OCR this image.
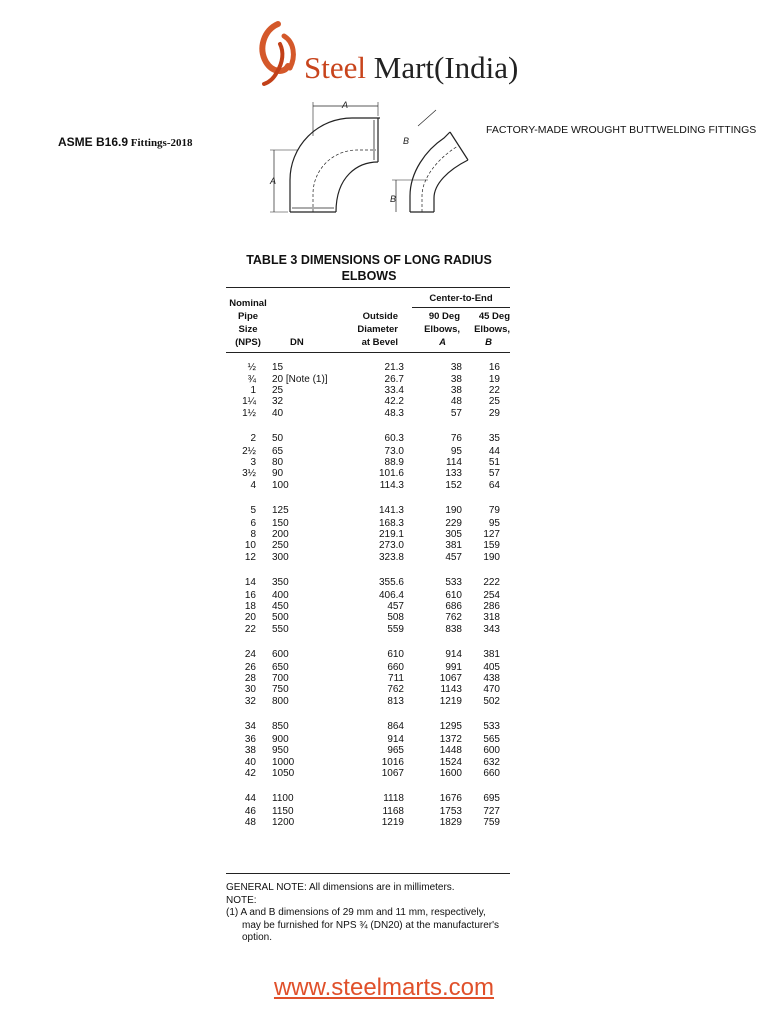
Steel Mart(India)
ASME B16.9 Fittings-2018
FACTORY-MADE WROUGHT BUTTWELDING FITTINGS
A
A
B
B
TABLE 3 DIMENSIONS OF LONG RADIUS
ELBOWS
Nominal
Pipe
Size
(NPS)	DN
Outside
Diameter
at Bevel
Center-to-End
90 Deg
Elbows,
A
45 Deg
Elbows,
B
½	15	21.3	38	16
¾	20 [Note (1)]	26.7	38	19
1	25	33.4	38	22
1¼	32	42.2	48	25
1½	40	48.3	57	29
2	50	60.3	76	35
2½	65	73.0	95	44
3	80	88.9	114	51
3½	90	101.6	133	57
4	100	114.3	152	64
5	125	141.3	190	79
6	150	168.3	229	95
8	200	219.1	305	127
10	250	273.0	381	159
12	300	323.8	457	190
14	350	355.6	533	222
16	400	406.4	610	254
18	450	457	686	286
20	500	508	762	318
22	550	559	838	343
24	600	610	914	381
26	650	660	991	405
28	700	711	1067	438
30	750	762	1143	470
32	800	813	1219	502
34	850	864	1295	533
36	900	914	1372	565
38	950	965	1448	600
40	1000	1016	1524	632
42	1050	1067	1600	660
44	1100	1118	1676	695
46	1150	1168	1753	727
48	1200	1219	1829	759
GENERAL NOTE: All dimensions are in millimeters.
NOTE:
(1) A and B dimensions of 29 mm and 11 mm, respectively,
may be furnished for NPS ¾ (DN20) at the manufacturer's
option.
www.steelmarts.com
